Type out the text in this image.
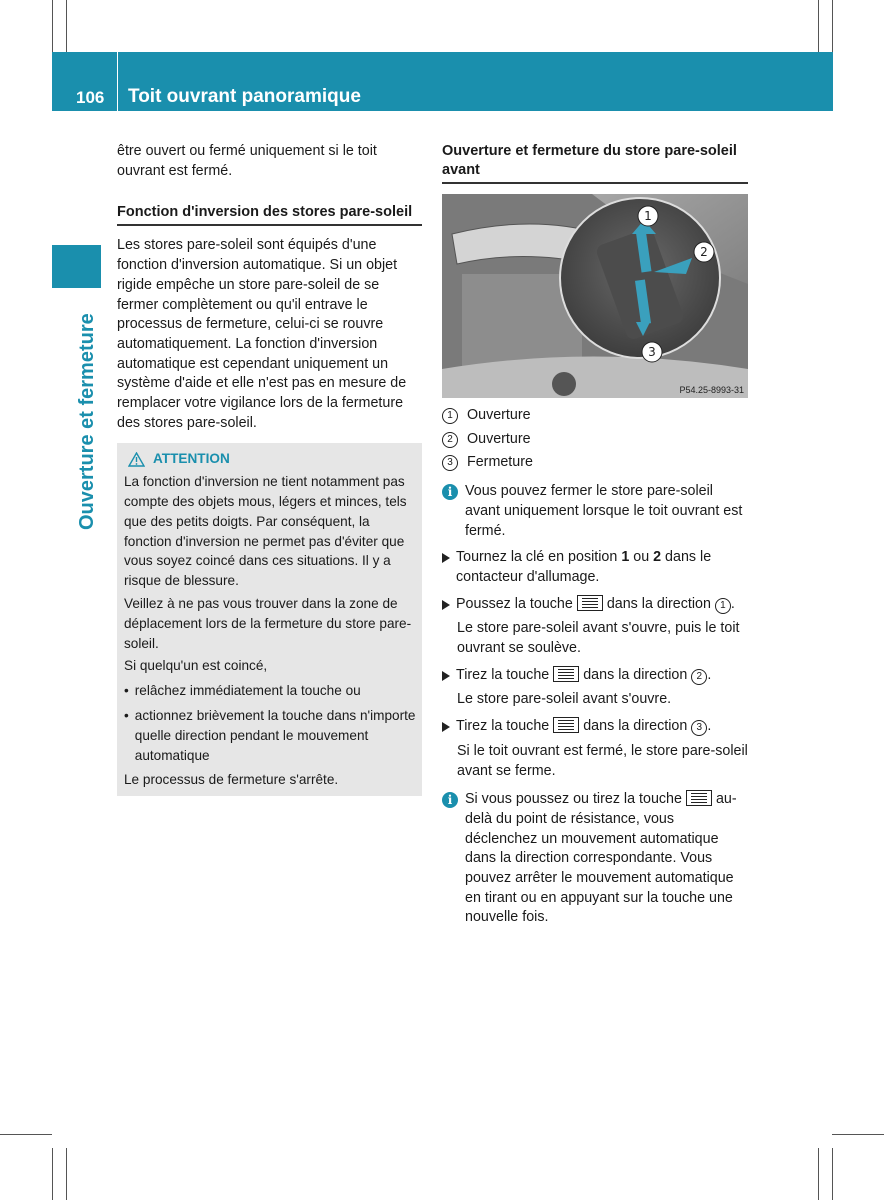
106 Toit ouvrant panoramique
Ouverture et fermeture

être ouvert ou fermé uniquement si le toit ouvrant est fermé.

Fonction d'inversion des stores pare-soleil

Les stores pare-soleil sont équipés d'une fonction d'inversion automatique. Si un objet rigide empêche un store pare-soleil de se fermer complètement ou qu'il entrave le processus de fermeture, celui-ci se rouvre automatiquement. La fonction d'inversion automatique est cependant uniquement un système d'aide et elle n'est pas en mesure de remplacer votre vigilance lors de la fermeture des stores pare-soleil.

ATTENTION

La fonction d'inversion ne tient notamment pas compte des objets mous, légers et minces, tels que des petits doigts. Par conséquent, la fonction d'inversion ne permet pas d'éviter que vous soyez coincé dans ces situations. Il y a risque de blessure.

Veillez à ne pas vous trouver dans la zone de déplacement lors de la fermeture du store pare-soleil.

Si quelqu'un est coincé,

• relâchez immédiatement la touche ou
• actionnez brièvement la touche dans n'importe quelle direction pendant le mouvement automatique

Le processus de fermeture s'arrête.

Ouverture et fermeture du store pare-soleil avant

1
2
3
P54.25-8993-31
1 Ouverture
2 Ouverture
3 Fermeture
i Vous pouvez fermer le store pare-soleil avant uniquement lorsque le toit ouvrant est fermé.
Tournez la clé en position 1 ou 2 dans le contacteur d'allumage.
Poussez la touche dans la direction 1 .

Le store pare-soleil avant s'ouvre, puis le toit ouvrant se soulève.

Tirez la touche dans la direction 2 .

Le store pare-soleil avant s'ouvre.

Tirez la touche dans la direction 3 .

Si le toit ouvrant est fermé, le store pare-soleil avant se ferme.

i Si vous poussez ou tirez la touche au-delà du point de résistance, vous déclenchez un mouvement automatique dans la direction correspondante. Vous pouvez arrêter le mouvement automatique en tirant ou en appuyant sur la touche une nouvelle fois.
